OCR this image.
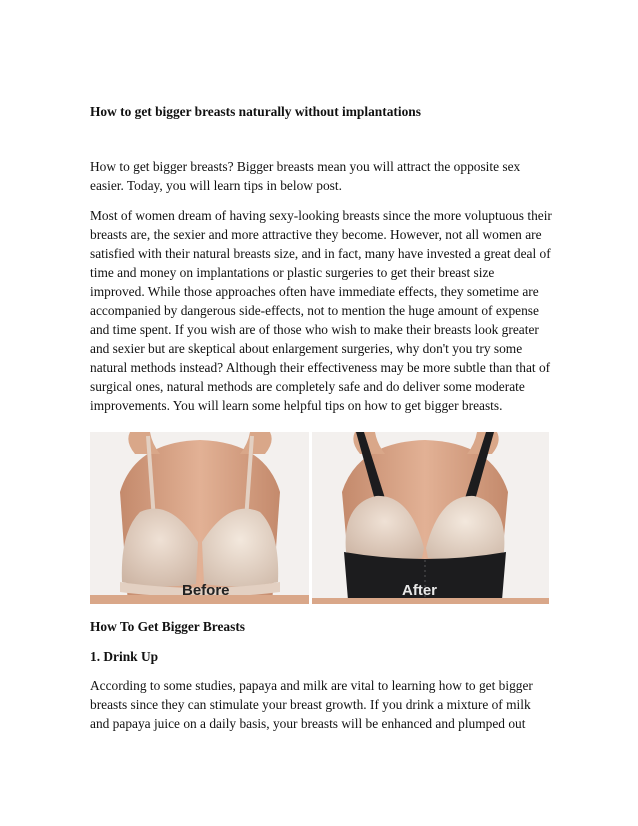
How to get bigger breasts naturally without implantations

How to get bigger breasts? Bigger breasts mean you will attract the opposite sex easier. Today, you will learn tips in below post.

Most of women dream of having sexy-looking breasts since the more voluptuous their breasts are, the sexier and more attractive they become. However, not all women are satisfied with their natural breasts size, and in fact, many have invested a great deal of time and money on implantations or plastic surgeries to get their breast size improved. While those approaches often have immediate effects, they sometime are accompanied by dangerous side-effects, not to mention the huge amount of expense and time spent. If you wish are of those who wish to make their breasts look greater and sexier but are skeptical about enlargement surgeries, why don't you try some natural methods instead? Although their effectiveness may be more subtle than that of surgical ones, natural methods are completely safe and do deliver some moderate improvements. You will learn some helpful tips on how to get bigger breasts.

Before	After
How To Get Bigger Breasts
1. Drink Up

According to some studies, papaya and milk are vital to learning how to get bigger breasts since they can stimulate your breast growth. If you drink a mixture of milk and papaya juice on a daily basis, your breasts will be enhanced and plumped out
